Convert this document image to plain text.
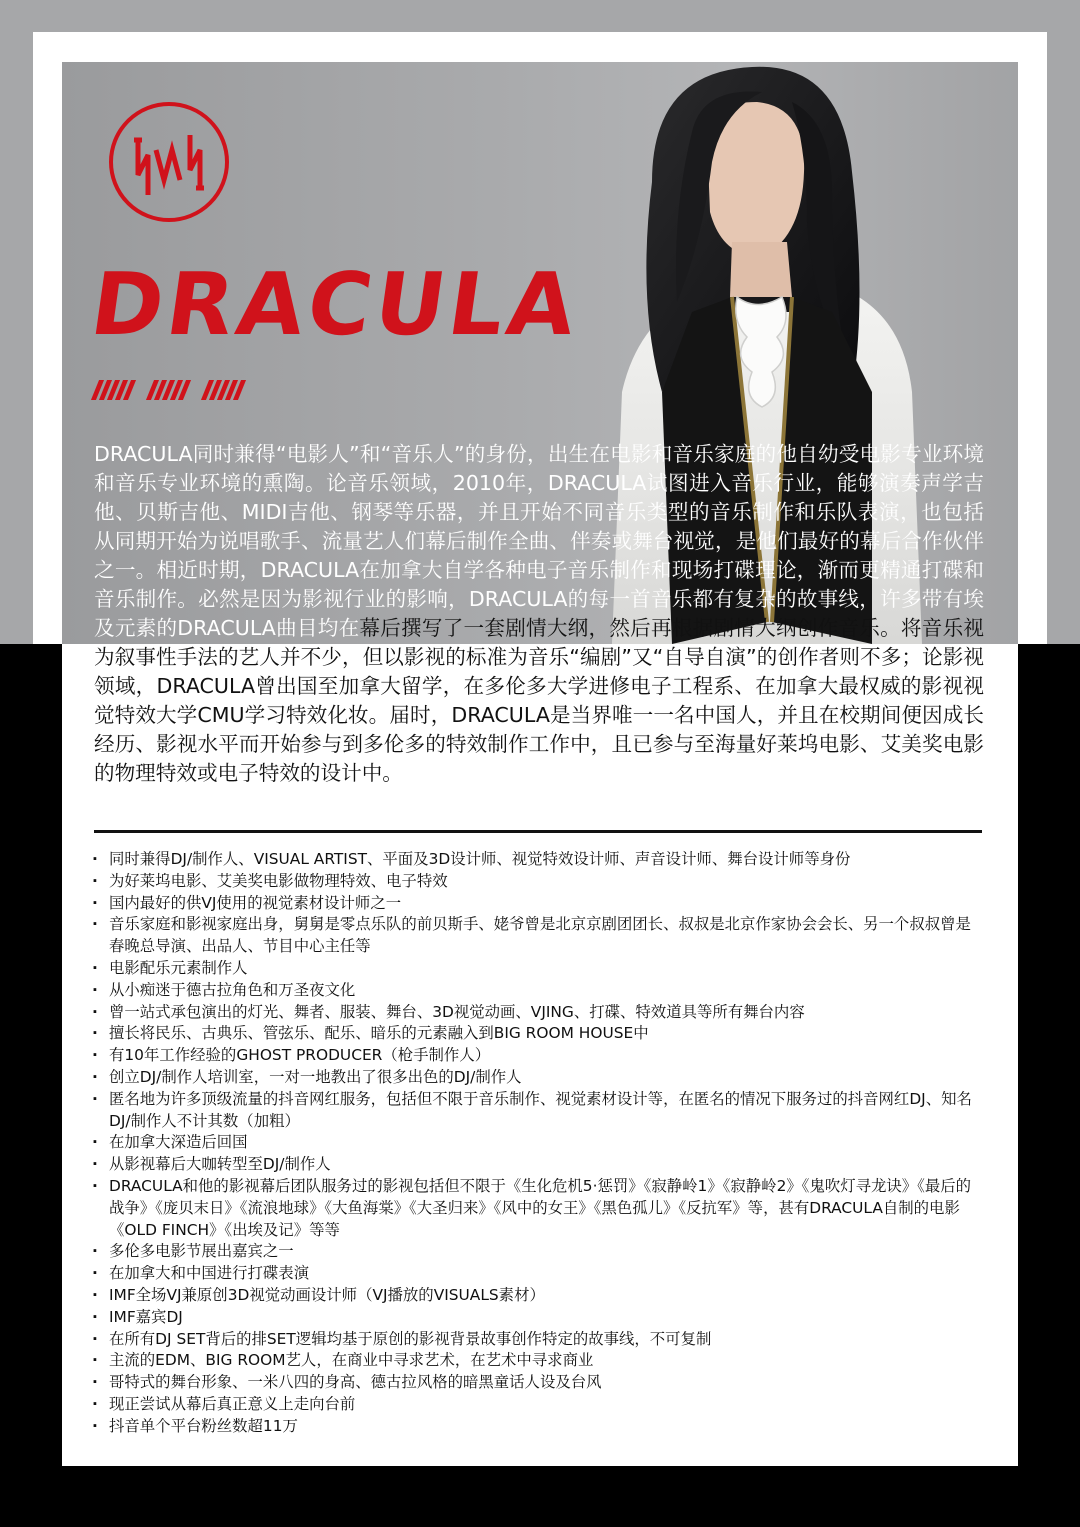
DRACULA

DRACULA同时兼得“电影人”和“音乐人”的身份，出生在电影和音乐家庭的他自幼受电影专业环境和音乐专业环境的熏陶。论音乐领域，2010年，DRACULA试图进入音乐行业，能够演奏声学吉他、贝斯吉他、MIDI吉他、钢琴等乐器，并且开始不同音乐类型的音乐制作和乐队表演，也包括从同期开始为说唱歌手、流量艺人们幕后制作全曲、伴奏或舞台视觉，是他们最好的幕后合作伙伴之一。相近时期，DRACULA在加拿大自学各种电子音乐制作和现场打碟理论，渐而更精通打碟和音乐制作。必然是因为影视行业的影响，DRACULA的每一首音乐都有复杂的故事线，许多带有埃及元素的DRACULA曲目均在幕后撰写了一套剧情大纲，然后再根据剧情大纲创作音乐。将音乐视为叙事性手法的艺人并不少，但以影视的标准为音乐“编剧”又“自导自演”的创作者则不多；论影视领域，DRACULA曾出国至加拿大留学，在多伦多大学进修电子工程系、在加拿大最权威的影视视觉特效大学CMU学习特效化妆。届时，DRACULA是当界唯一一名中国人，并且在校期间便因成长经历、影视水平而开始参与到多伦多的特效制作工作中，且已参与至海量好莱坞电影、艾美奖电影的物理特效或电子特效的设计中。

· 同时兼得DJ/制作人、VISUAL ARTIST、平面及3D设计师、视觉特效设计师、声音设计师、舞台设计师等身份
· 为好莱坞电影、艾美奖电影做物理特效、电子特效
· 国内最好的供VJ使用的视觉素材设计师之一
· 音乐家庭和影视家庭出身，舅舅是零点乐队的前贝斯手、姥爷曾是北京京剧团团长、叔叔是北京作家协会会长、另一个叔叔曾是春晚总导演、出品人、节目中心主任等
· 电影配乐元素制作人
· 从小痴迷于德古拉角色和万圣夜文化
· 曾一站式承包演出的灯光、舞者、服装、舞台、3D视觉动画、VJING、打碟、特效道具等所有舞台内容
· 擅长将民乐、古典乐、管弦乐、配乐、暗乐的元素融入到BIG ROOM HOUSE中
· 有10年工作经验的GHOST PRODUCER（枪手制作人）
· 创立DJ/制作人培训室，一对一地教出了很多出色的DJ/制作人
· 匿名地为许多顶级流量的抖音网红服务，包括但不限于音乐制作、视觉素材设计等，在匿名的情况下服务过的抖音网红DJ、知名DJ/制作人不计其数（加粗）
· 在加拿大深造后回国
· 从影视幕后大咖转型至DJ/制作人
· DRACULA和他的影视幕后团队服务过的影视包括但不限于《生化危机5·惩罚》《寂静岭1》《寂静岭2》《鬼吹灯寻龙诀》《最后的战争》《庞贝末日》《流浪地球》《大鱼海棠》《大圣归来》《风中的女王》《黑色孤儿》《反抗军》等，甚有DRACULA自制的电影《OLD FINCH》《出埃及记》等等
· 多伦多电影节展出嘉宾之一
· 在加拿大和中国进行打碟表演
· IMF全场VJ兼原创3D视觉动画设计师（VJ播放的VISUALS素材）
· IMF嘉宾DJ
· 在所有DJ SET背后的排SET逻辑均基于原创的影视背景故事创作特定的故事线，不可复制
· 主流的EDM、BIG ROOM艺人，在商业中寻求艺术，在艺术中寻求商业
· 哥特式的舞台形象、一米八四的身高、德古拉风格的暗黑童话人设及台风
· 现正尝试从幕后真正意义上走向台前
· 抖音单个平台粉丝数超11万
